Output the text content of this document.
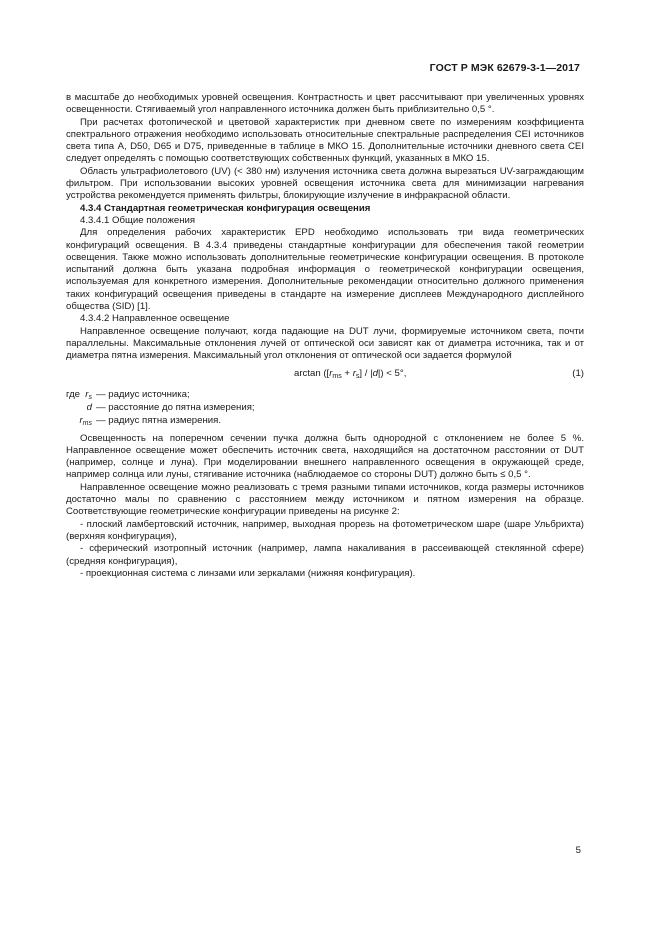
ГОСТ Р МЭК 62679-3-1—2017

в масштабе до необходимых уровней освещения. Контрастность и цвет рассчитывают при увеличенных уровнях освещенности. Стягиваемый угол направленного источника должен быть приблизительно 0,5 °.

При расчетах фотопической и цветовой характеристик при дневном свете по измерениям коэффициента спектрального отражения необходимо использовать относительные спектральные распределения CEI источников света типа A, D50, D65 и D75, приведенные в таблице в МКО 15. Дополнительные источники дневного света CEI следует определять с помощью соответствующих собственных функций, указанных в МКО 15.

Область ультрафиолетового (UV) (< 380 нм) излучения источника света должна вырезаться UV-заграждающим фильтром. При использовании высоких уровней освещения источника света для минимизации нагревания устройства рекомендуется применять фильтры, блокирующие излучение в инфракрасной области.

4.3.4 Стандартная геометрическая конфигурация освещения

4.3.4.1 Общие положения

Для определения рабочих характеристик EPD необходимо использовать три вида геометрических конфигураций освещения. В 4.3.4 приведены стандартные конфигурации для обеспечения такой геометрии освещения. Также можно использовать дополнительные геометрические конфигурации освещения. В протоколе испытаний должна быть указана подробная информация о геометрической конфигурации освещения, используемая для конкретного измерения. Дополнительные рекомендации относительно должного применения таких конфигураций освещения приведены в стандарте на измерение дисплеев Международного дисплейного общества (SID) [1].

4.3.4.2 Направленное освещение

Направленное освещение получают, когда падающие на DUT лучи, формируемые источником света, почти параллельны. Максимальные отклонения лучей от оптической оси зависят как от диаметра источника, так и от диаметра пятна измерения. Максимальный угол отклонения от оптической оси задается формулой

$\arctan ([r_{ms} + r_s] / |d|) < 5^\circ$,	(1)
где $r_s$ — радиус источника;
d — расстояние до пятна измерения;
$r_{ms}$ — радиус пятна измерения.

Освещенность на поперечном сечении пучка должна быть однородной с отклонением не более 5 %. Направленное освещение может обеспечить источник света, находящийся на достаточном расстоянии от DUT (например, солнце и луна). При моделировании внешнего направленного освещения в окружающей среде, например солнца или луны, стягивание источника (наблюдаемое со стороны DUT) должно быть ≤ 0,5 °.

Направленное освещение можно реализовать с тремя разными типами источников, когда размеры источников достаточно малы по сравнению с расстоянием между источником и пятном измерения на образце. Соответствующие геометрические конфигурации приведены на рисунке 2:

- плоский ламбертовский источник, например, выходная прорезь на фотометрическом шаре (шаре Ульбрихта) (верхняя конфигурация),

- сферический изотропный источник (например, лампа накаливания в рассеивающей стеклянной сфере) (средняя конфигурация),

- проекционная система с линзами или зеркалами (нижняя конфигурация).

5
